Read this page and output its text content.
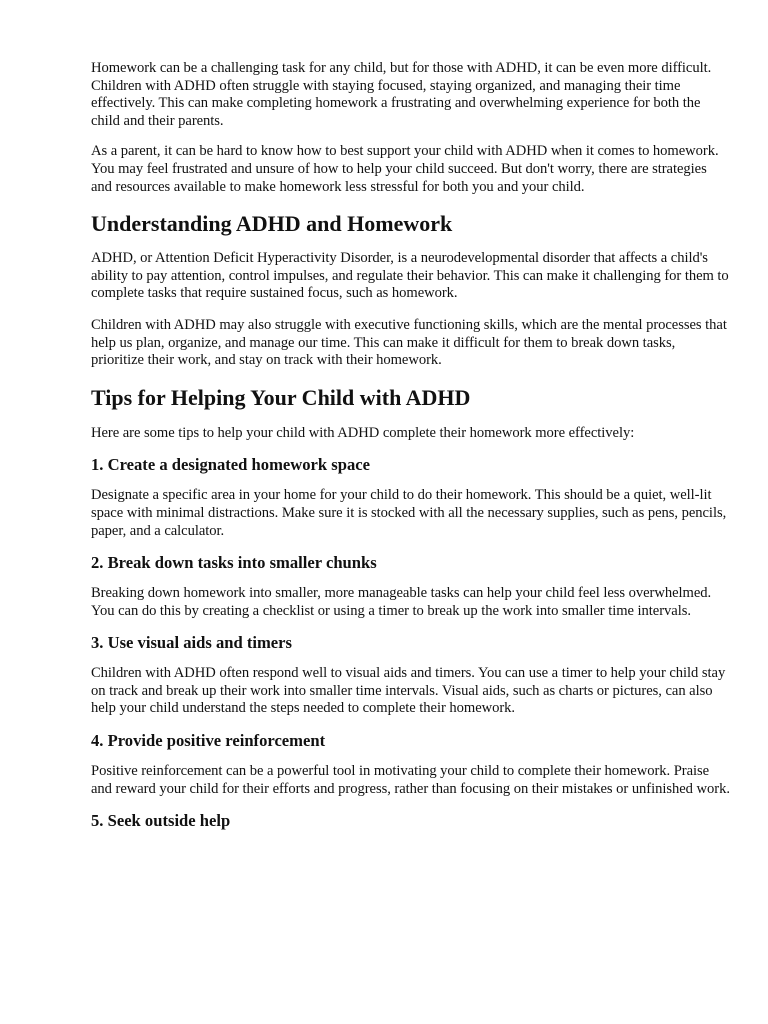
Homework can be a challenging task for any child, but for those with ADHD, it can be even more difficult. Children with ADHD often struggle with staying focused, staying organized, and managing their time effectively. This can make completing homework a frustrating and overwhelming experience for both the child and their parents.

As a parent, it can be hard to know how to best support your child with ADHD when it comes to homework. You may feel frustrated and unsure of how to help your child succeed. But don't worry, there are strategies and resources available to make homework less stressful for both you and your child.

Understanding ADHD and Homework

ADHD, or Attention Deficit Hyperactivity Disorder, is a neurodevelopmental disorder that affects a child's ability to pay attention, control impulses, and regulate their behavior. This can make it challenging for them to complete tasks that require sustained focus, such as homework.

Children with ADHD may also struggle with executive functioning skills, which are the mental processes that help us plan, organize, and manage our time. This can make it difficult for them to break down tasks, prioritize their work, and stay on track with their homework.

Tips for Helping Your Child with ADHD

Here are some tips to help your child with ADHD complete their homework more effectively:

1. Create a designated homework space

Designate a specific area in your home for your child to do their homework. This should be a quiet, well-lit space with minimal distractions. Make sure it is stocked with all the necessary supplies, such as pens, pencils, paper, and a calculator.

2. Break down tasks into smaller chunks

Breaking down homework into smaller, more manageable tasks can help your child feel less overwhelmed. You can do this by creating a checklist or using a timer to break up the work into smaller time intervals.

3. Use visual aids and timers

Children with ADHD often respond well to visual aids and timers. You can use a timer to help your child stay on track and break up their work into smaller time intervals. Visual aids, such as charts or pictures, can also help your child understand the steps needed to complete their homework.

4. Provide positive reinforcement

Positive reinforcement can be a powerful tool in motivating your child to complete their homework. Praise and reward your child for their efforts and progress, rather than focusing on their mistakes or unfinished work.

5. Seek outside help
